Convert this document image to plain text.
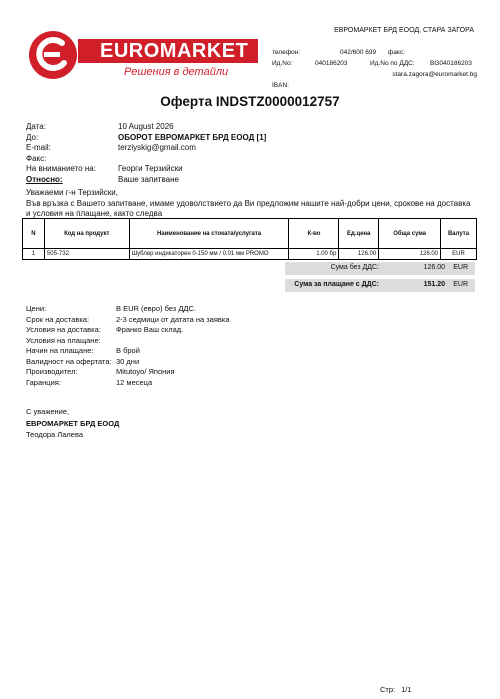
ЕВРОМАРКЕТ БРД ЕООД, СТАРА ЗАГОРА
EUROMARKET
Решения в детайли
телефон:	042/600 699 факс:
Ид.No:	040186203	Ид.No по ДДС: BG040186203
stara.zagora@euromarket.bg
IBAN:
Оферта INDSTZ0000012757
Дата:	10 August 2026
До:	ОБОРОТ ЕВРОМАРКЕТ БРД ЕООД [1]
E-mail:	terziyskig@gmail.com
Факс:
На вниманието на:	Георги Терзийски
Относно:	Ваше запитване
Уважаеми г-н Терзийски,
Във връзка с Вашето запитване, имаме удоволствието да Ви предложим нашите най-добри цени, срокове на доставка и условия на плащане, както следва
N	Код на продукт	Наименование на стоката/услугата	К-во	Ед.цена	Обща сума	Валута
1	505-732	Шублер индикаторен 0-150 мм / 0.01 мм PROMO	1.00 бр	126.00	126.00	EUR
Сума без ДДС:	126.00 EUR
Сума за плащане с ДДС:	151.20 EUR
Цени:	В EUR (евро) без ДДС.
Срок на доставка:	2-3 седмици от датата на заявка
Условия на доставка: Франко Ваш склад.
Условия на плащане:
Начин на плащане:	В брой
Валидност на офертата: 30 дни
Производител:	Mitutoyo/ Япония
Гаранция:	12 месеца
С уважение,
ЕВРОМАРКЕТ БРД ЕООД
Теодора Лалева
Стр: 1/1
